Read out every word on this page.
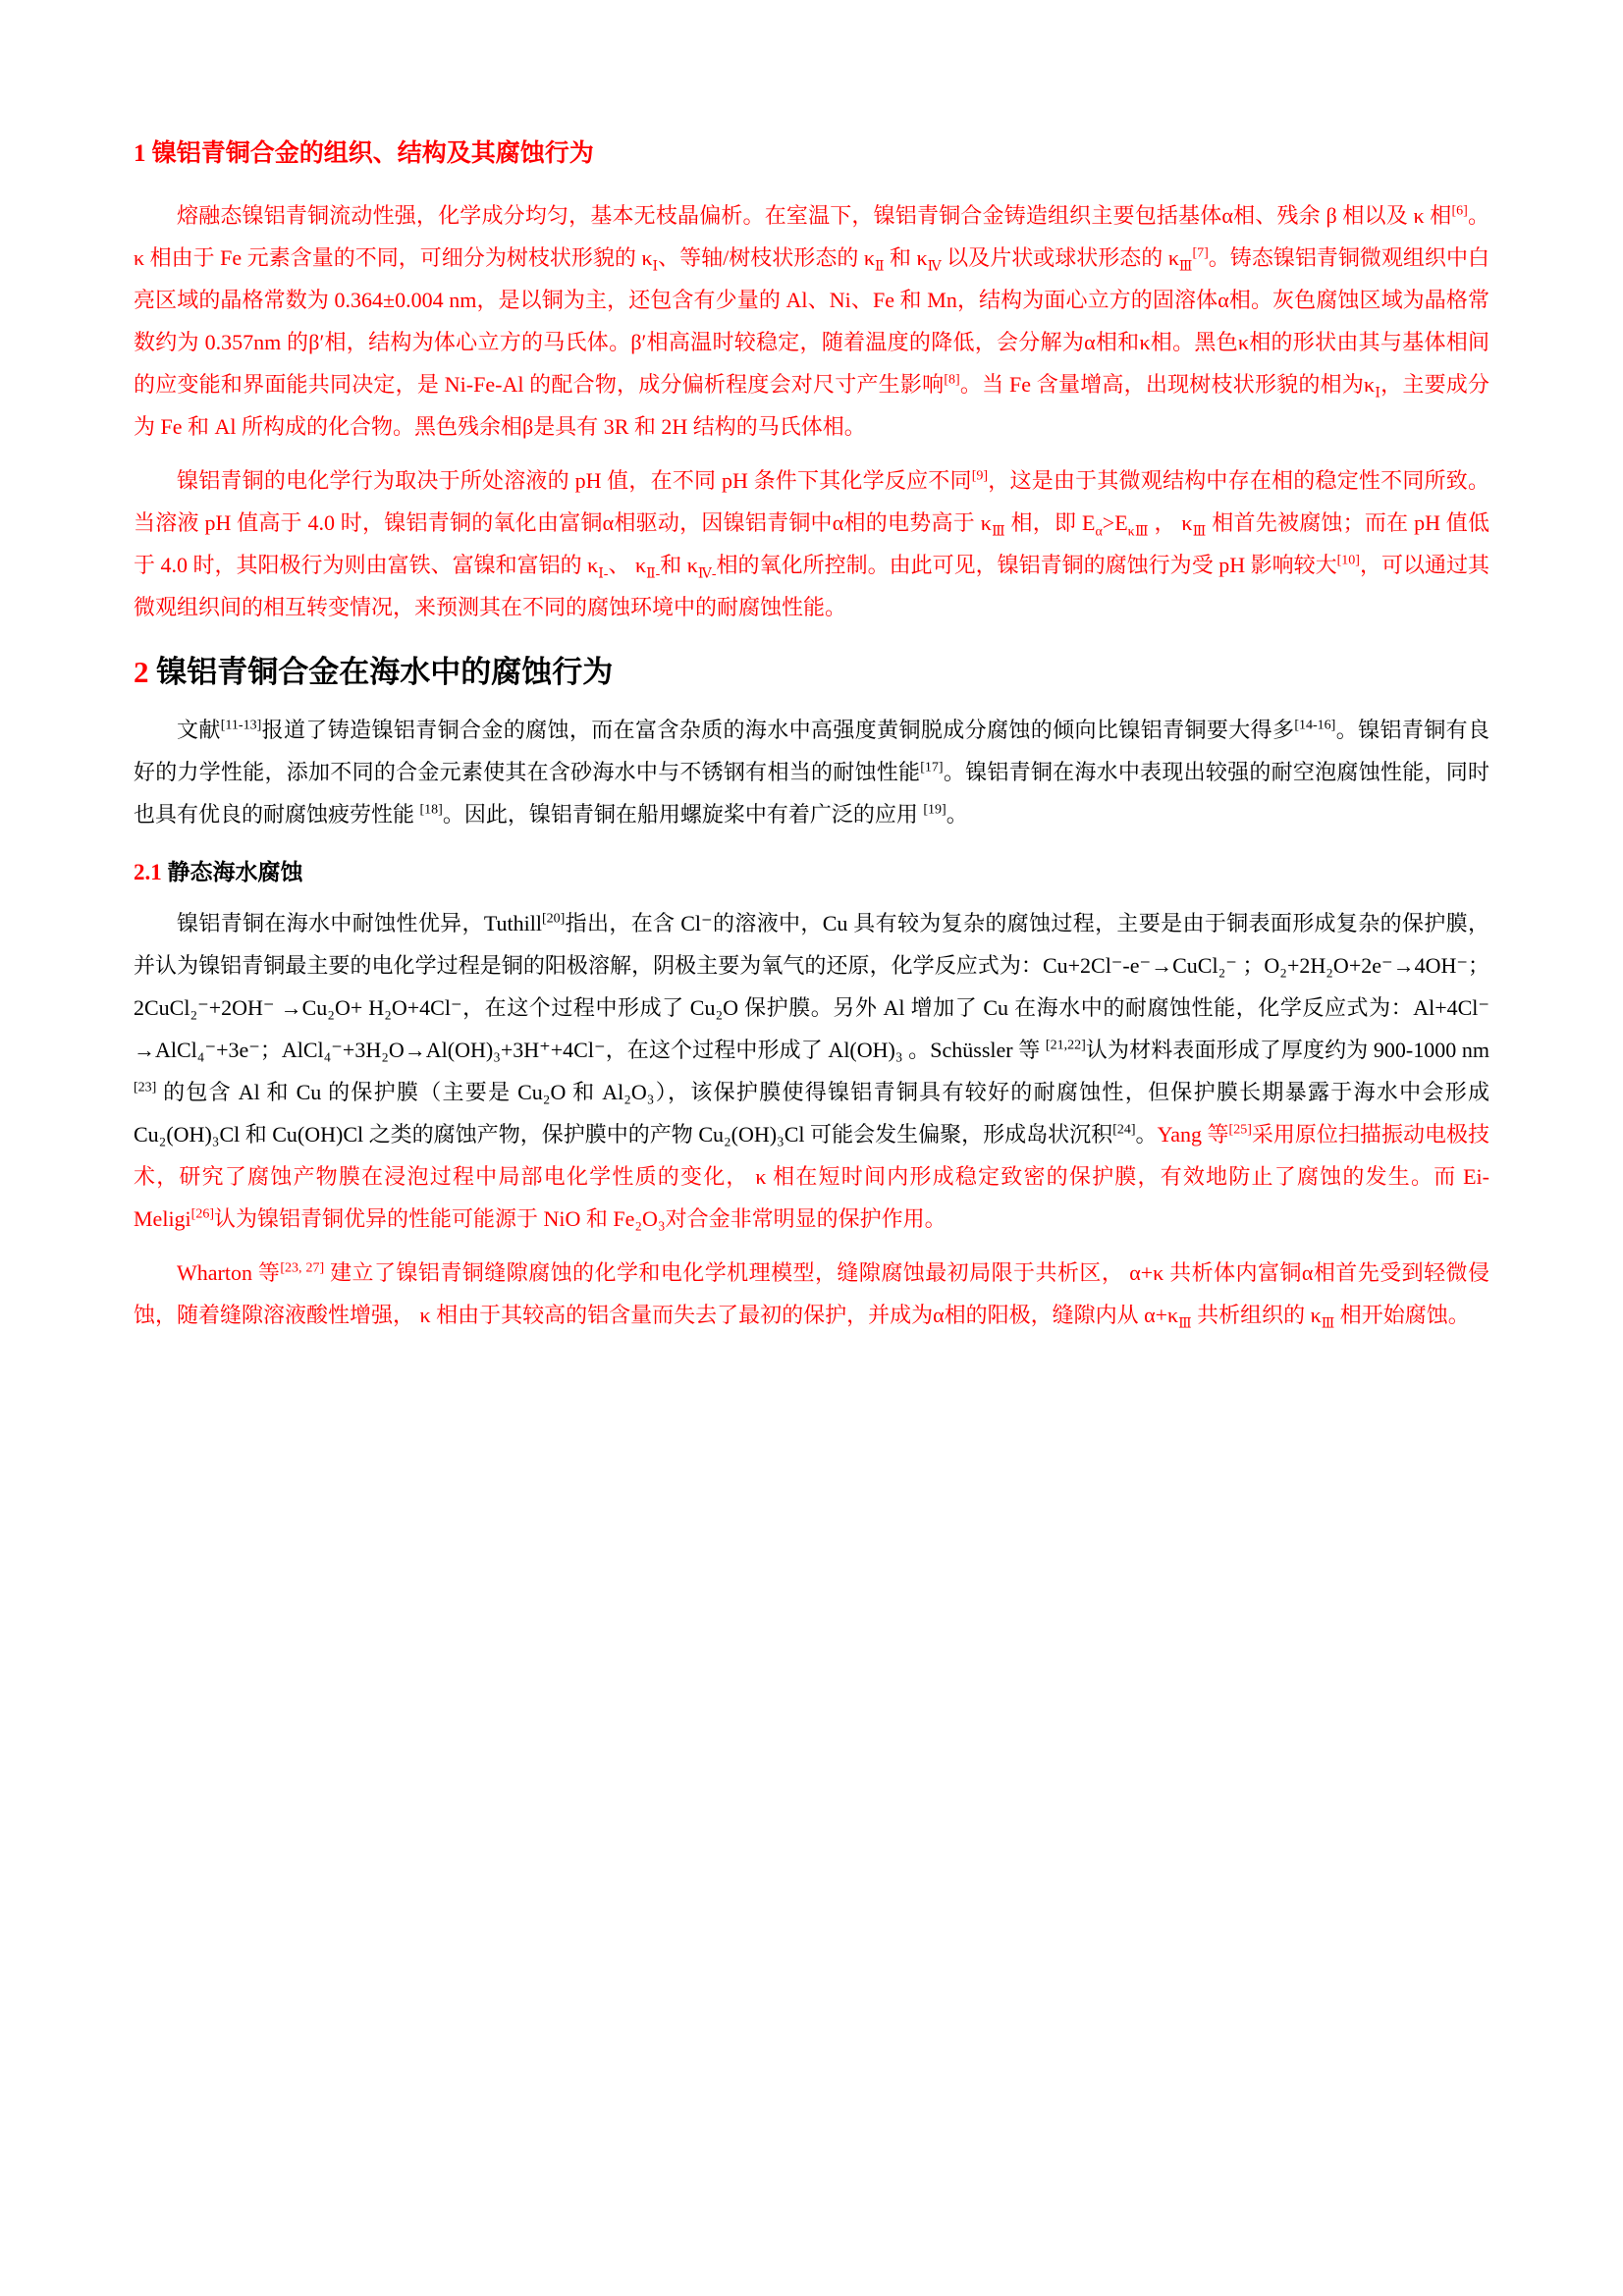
1 镍铝青铜合金的组织、结构及其腐蚀行为

熔融态镍铝青铜流动性强，化学成分均匀，基本无枝晶偏析。在室温下，镍铝青铜合金铸造组织主要包括基体α相、残余 β 相以及 κ 相[6]。κ 相由于 Fe 元素含量的不同，可细分为树枝状形貌的 $\kappa_Ⅰ$、等轴/树枝状形态的 $\kappa_Ⅱ$ 和 $\kappa_Ⅳ$ 以及片状或球状形态的 $\kappa_Ⅲ[7]$。铸态镍铝青铜微观组织中白亮区域的晶格常数为 0.364±0.004 nm，是以铜为主，还包含有少量的 Al、Ni、Fe 和 Mn，结构为面心立方的固溶体α相。灰色腐蚀区域为晶格常数约为 0.357nm 的β′相，结构为体心立方的马氏体。β′相高温时较稳定，随着温度的降低，会分解为α相和κ相。黑色κ相的形状由其与基体相间的应变能和界面能共同决定，是 Ni-Fe-Al 的配合物，成分偏析程度会对尺寸产生影响[8]。当 Fe 含量增高，出现树枝状形貌的相为$\kappa_Ⅰ$，主要成分为 Fe 和 Al 所构成的化合物。黑色残余相β是具有 3R 和 2H 结构的马氏体相。

镍铝青铜的电化学行为取决于所处溶液的 pH 值，在不同 pH 条件下其化学反应不同[9]，这是由于其微观结构中存在相的稳定性不同所致。当溶液 pH 值高于 4.0 时，镍铝青铜的氧化由富铜α相驱动，因镍铝青铜中α相的电势高于 $\kappa_Ⅲ$ 相，即 $E_\alpha>E_{\kappa Ⅲ}$ ， $\kappa_Ⅲ$ 相首先被腐蚀；而在 pH 值低于 4.0 时，其阳极行为则由富铁、富镍和富铝的 $\kappa_{Ⅰ-}$、 $\kappa_{Ⅱ-}$和 $\kappa_{Ⅳ-}$相的氧化所控制。由此可见，镍铝青铜的腐蚀行为受 pH 影响较大[10]，可以通过其微观组织间的相互转变情况，来预测其在不同的腐蚀环境中的耐腐蚀性能。

2 镍铝青铜合金在海水中的腐蚀行为

文献[11-13]报道了铸造镍铝青铜合金的腐蚀，而在富含杂质的海水中高强度黄铜脱成分腐蚀的倾向比镍铝青铜要大得多[14-16]。镍铝青铜有良好的力学性能，添加不同的合金元素使其在含砂海水中与不锈钢有相当的耐蚀性能[17]。镍铝青铜在海水中表现出较强的耐空泡腐蚀性能，同时也具有优良的耐腐蚀疲劳性能 [18]。因此，镍铝青铜在船用螺旋桨中有着广泛的应用 [19]。

2.1 静态海水腐蚀

镍铝青铜在海水中耐蚀性优异，Tuthill[20]指出，在含 Cl⁻的溶液中，Cu 具有较为复杂的腐蚀过程，主要是由于铜表面形成复杂的保护膜，并认为镍铝青铜最主要的电化学过程是铜的阳极溶解，阴极主要为氧气的还原，化学反应式为：Cu+2Cl⁻-e⁻→CuCl₂⁻ ；O₂+2H₂O+2e⁻→4OH⁻；2CuCl₂⁻+2OH⁻ →Cu₂O+ H₂O+4Cl⁻，在这个过程中形成了 Cu₂O 保护膜。另外 Al 增加了 Cu 在海水中的耐腐蚀性能，化学反应式为：Al+4Cl⁻ →AlCl₄⁻+3e⁻；AlCl₄⁻+3H₂O→Al(OH)₃+3H⁺+4Cl⁻，在这个过程中形成了 Al(OH)₃ 。Schüssler 等 [21,22]认为材料表面形成了厚度约为 900-1000 nm [23] 的包含 Al 和 Cu 的保护膜（主要是 Cu₂O 和 Al₂O₃），该保护膜使得镍铝青铜具有较好的耐腐蚀性，但保护膜长期暴露于海水中会形成 Cu₂(OH)₃Cl 和 Cu(OH)Cl 之类的腐蚀产物，保护膜中的产物 Cu₂(OH)₃Cl 可能会发生偏聚，形成岛状沉积[24]。Yang 等[25]采用原位扫描振动电极技术，研究了腐蚀产物膜在浸泡过程中局部电化学性质的变化， κ 相在短时间内形成稳定致密的保护膜，有效地防止了腐蚀的发生。而 Ei-Meligi[26]认为镍铝青铜优异的性能可能源于 NiO 和 Fe₂O₃对合金非常明显的保护作用。

Wharton 等[23, 27] 建立了镍铝青铜缝隙腐蚀的化学和电化学机理模型，缝隙腐蚀最初局限于共析区， α+κ 共析体内富铜α相首先受到轻微侵蚀，随着缝隙溶液酸性增强， κ 相由于其较高的铝含量而失去了最初的保护，并成为α相的阳极，缝隙内从 $\alpha+\kappa_Ⅲ$ 共析组织的 $\kappa_Ⅲ$ 相开始腐蚀。
